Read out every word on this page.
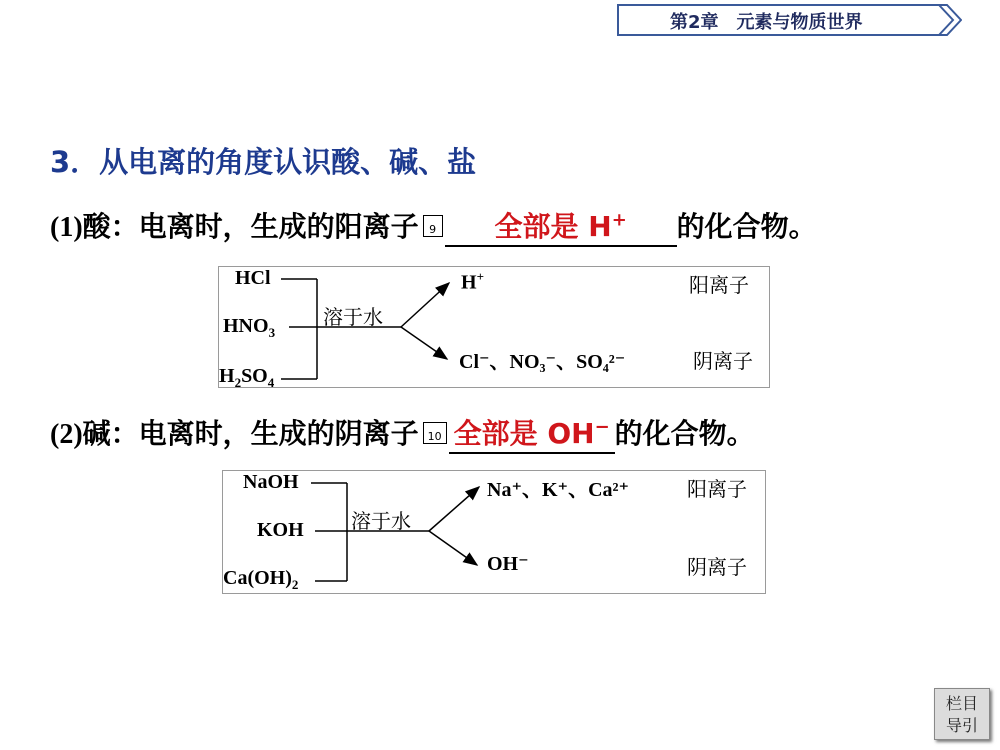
第2章　元素与物质世界
3．从电离的角度认识酸、碱、盐
(1)酸：电离时，生成的阳离子 9 全部是 H+ 的化合物。
HCl
$HNO_3$
$H_2SO_4$
溶于水
H+
Cl⁻、NO₃⁻、SO₄²⁻
阳离子
阴离子
(2)碱：电离时，生成的阴离子 10 全部是 OH− 的化合物。
NaOH
KOH
$Ca(OH)_2$
溶于水
Na⁺、K⁺、Ca²⁺
OH⁻
阳离子
阴离子
栏目
导引
